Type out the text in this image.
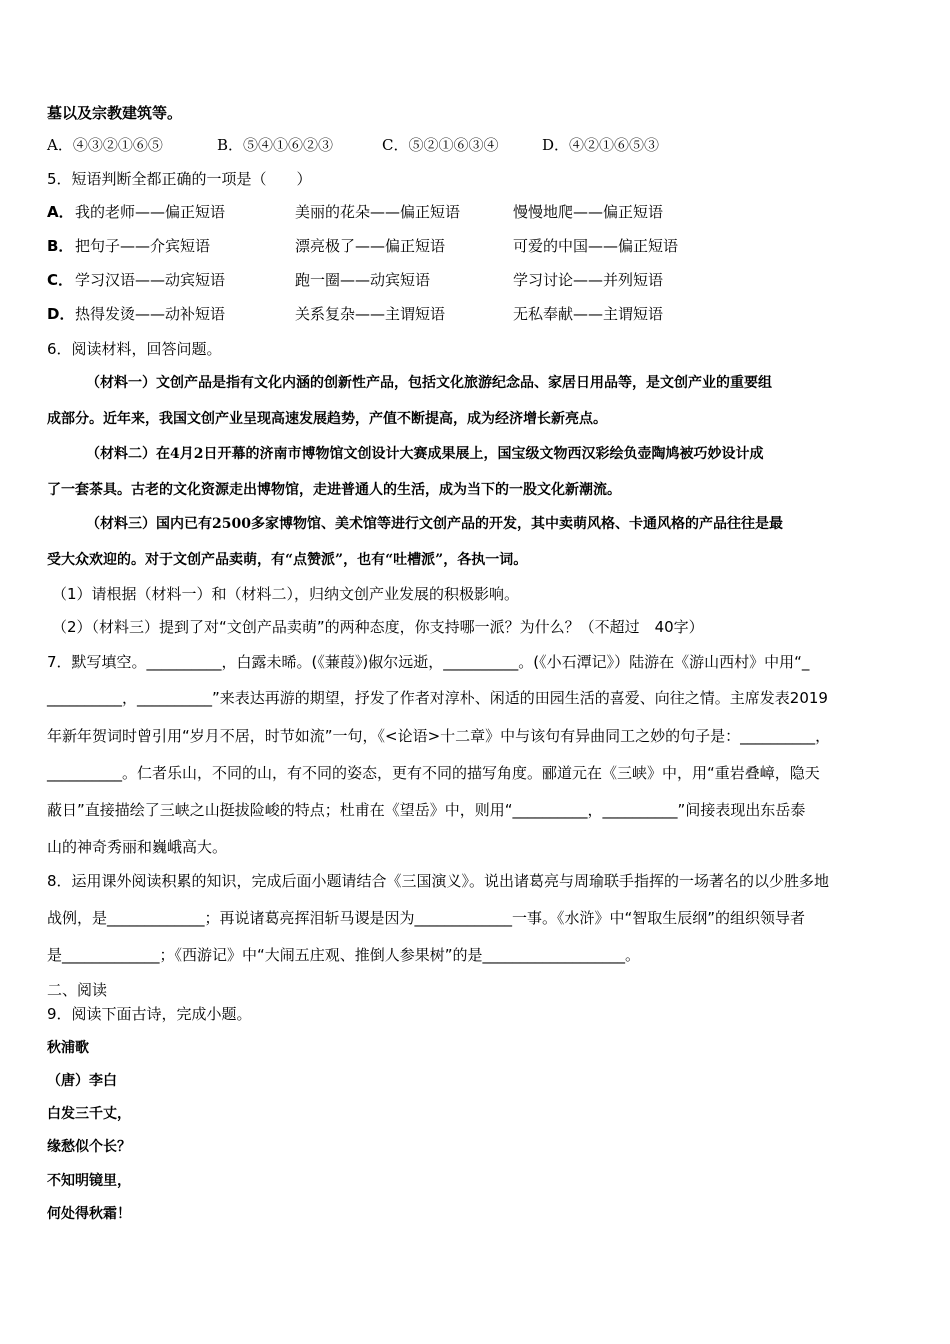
墓以及宗教建筑等。
A．④③②①⑥⑤	B．⑤④①⑥②③	C．⑤②①⑥③④	D．④②①⑥⑤③
5．短语判断全都正确的一项是（　　）
A．我的老师——偏正短语	美丽的花朵——偏正短语	慢慢地爬——偏正短语
B． 把句子——介宾短语	漂亮极了——偏正短语	可爱的中国——偏正短语
C． 学习汉语——动宾短语	跑一圈——动宾短语	学习讨论——并列短语
D．热得发烫——动补短语	关系复杂——主谓短语	无私奉献——主谓短语
6．阅读材料，回答问题。
（材料一）文创产品是指有文化内涵的创新性产品，包括文化旅游纪念品、家居日用品等，是文创产业的重要组
成部分。近年来，我国文创产业呈现高速发展趋势，产值不断提高，成为经济增长新亮点。
（材料二）在4月2日开幕的济南市博物馆文创设计大赛成果展上，国宝级文物西汉彩绘负壶陶鸠被巧妙设计成
了一套茶具。古老的文化资源走出博物馆，走进普通人的生活，成为当下的一股文化新潮流。
（材料三）国内已有2500多家博物馆、美术馆等进行文创产品的开发，其中卖萌风格、卡通风格的产品往往是最
受大众欢迎的。对于文创产品卖萌，有“点赞派”，也有“吐槽派”，各执一词。
（1）请根据（材料一）和（材料二），归纳文创产业发展的积极影响。
（2）（材料三）提到了对“文创产品卖萌”的两种态度，你支持哪一派？为什么？（不超过　40字）
7．默写填空。__________，白露未晞。(《蒹葭》)俶尔远逝，__________。(《小石潭记》）陆游在《游山西村》中用“_
__________，__________”来表达再游的期望，抒发了作者对淳朴、闲适的田园生活的喜爱、向往之情。主席发表2019
年新年贺词时曾引用“岁月不居，时节如流”一句，《<论语>十二章》中与该句有异曲同工之妙的句子是：__________，
__________。仁者乐山，不同的山，有不同的姿态，更有不同的描写角度。郦道元在《三峡》中，用“重岩叠嶂，隐天
蔽日”直接描绘了三峡之山挺拔险峻的特点；杜甫在《望岳》中，则用“__________，__________”间接表现出东岳泰
山的神奇秀丽和巍峨高大。
8．运用课外阅读积累的知识，完成后面小题请结合《三国演义》。说出诸葛亮与周瑜联手指挥的一场著名的以少胜多地
战例，是_____________；再说诸葛亮挥泪斩马谡是因为_____________一事。《水浒》中“智取生辰纲”的组织领导者
是_____________；《西游记》中“大闹五庄观、推倒人参果树”的是___________________。
二、阅读
9．阅读下面古诗，完成小题。
秋浦歌
（唐）李白
白发三千丈，
缘愁似个长？
不知明镜里，
何处得秋霜！
